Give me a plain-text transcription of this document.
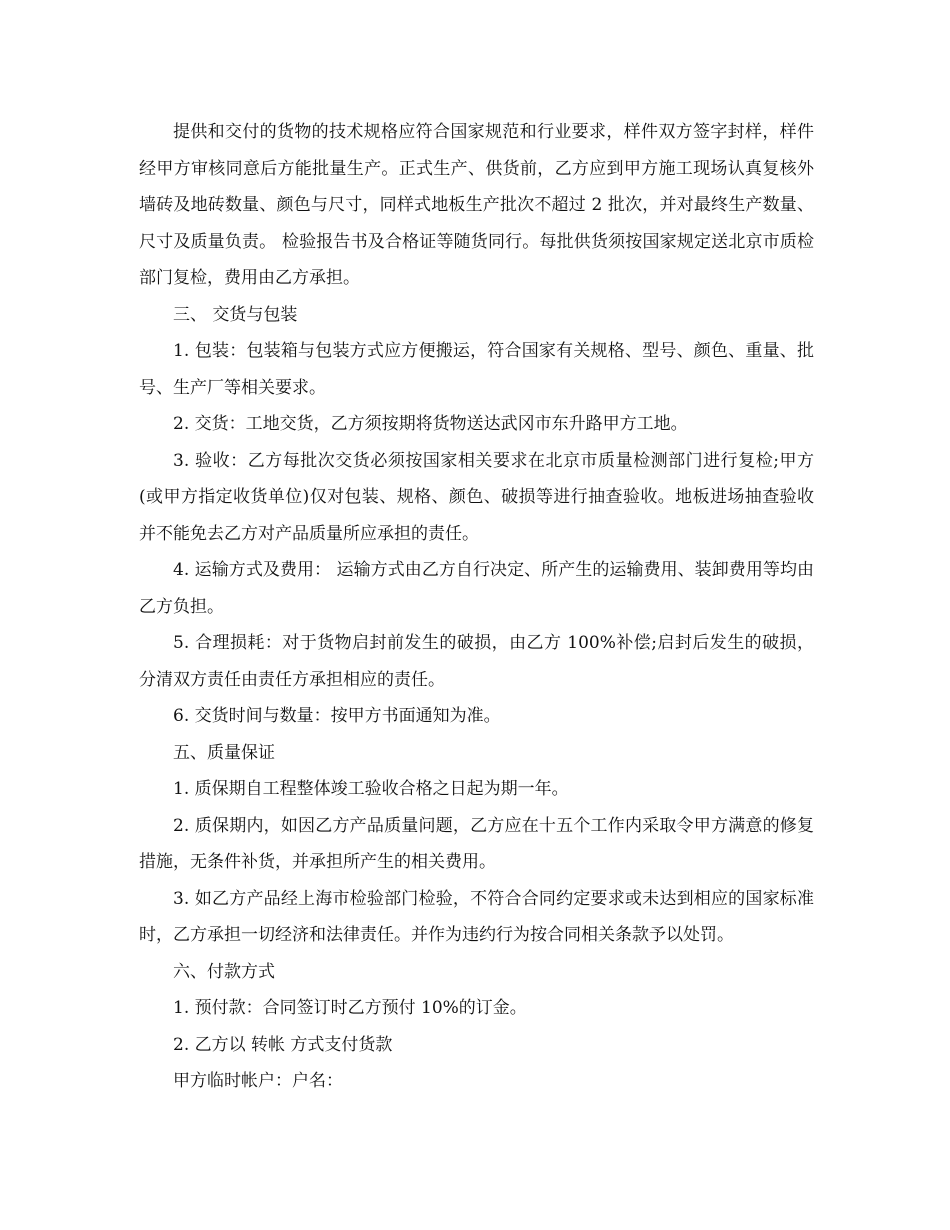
提供和交付的货物的技术规格应符合国家规范和行业要求，样件双方签字封样，样件经甲方审核同意后方能批量生产。正式生产、供货前，乙方应到甲方施工现场认真复核外墙砖及地砖数量、颜色与尺寸，同样式地板生产批次不超过 2 批次，并对最终生产数量、尺寸及质量负责。 检验报告书及合格证等随货同行。每批供货须按国家规定送北京市质检部门复检，费用由乙方承担。

三、 交货与包装

1. 包装：包装箱与包装方式应方便搬运，符合国家有关规格、型号、颜色、重量、批号、生产厂等相关要求。

2. 交货：工地交货，乙方须按期将货物送达武冈市东升路甲方工地。

3. 验收：乙方每批次交货必须按国家相关要求在北京市质量检测部门进行复检;甲方(或甲方指定收货单位)仅对包装、规格、颜色、破损等进行抽查验收。地板进场抽查验收并不能免去乙方对产品质量所应承担的责任。

4. 运输方式及费用： 运输方式由乙方自行决定、所产生的运输费用、装卸费用等均由乙方负担。

5. 合理损耗：对于货物启封前发生的破损，由乙方 100%补偿;启封后发生的破损，分清双方责任由责任方承担相应的责任。

6. 交货时间与数量：按甲方书面通知为准。

五、质量保证

1. 质保期自工程整体竣工验收合格之日起为期一年。

2. 质保期内，如因乙方产品质量问题，乙方应在十五个工作内采取令甲方满意的修复措施，无条件补货，并承担所产生的相关费用。

3. 如乙方产品经上海市检验部门检验，不符合合同约定要求或未达到相应的国家标准时，乙方承担一切经济和法律责任。并作为违约行为按合同相关条款予以处罚。

六、付款方式

1. 预付款：合同签订时乙方预付 10%的订金。

2. 乙方以 转帐 方式支付货款

甲方临时帐户：户名：
